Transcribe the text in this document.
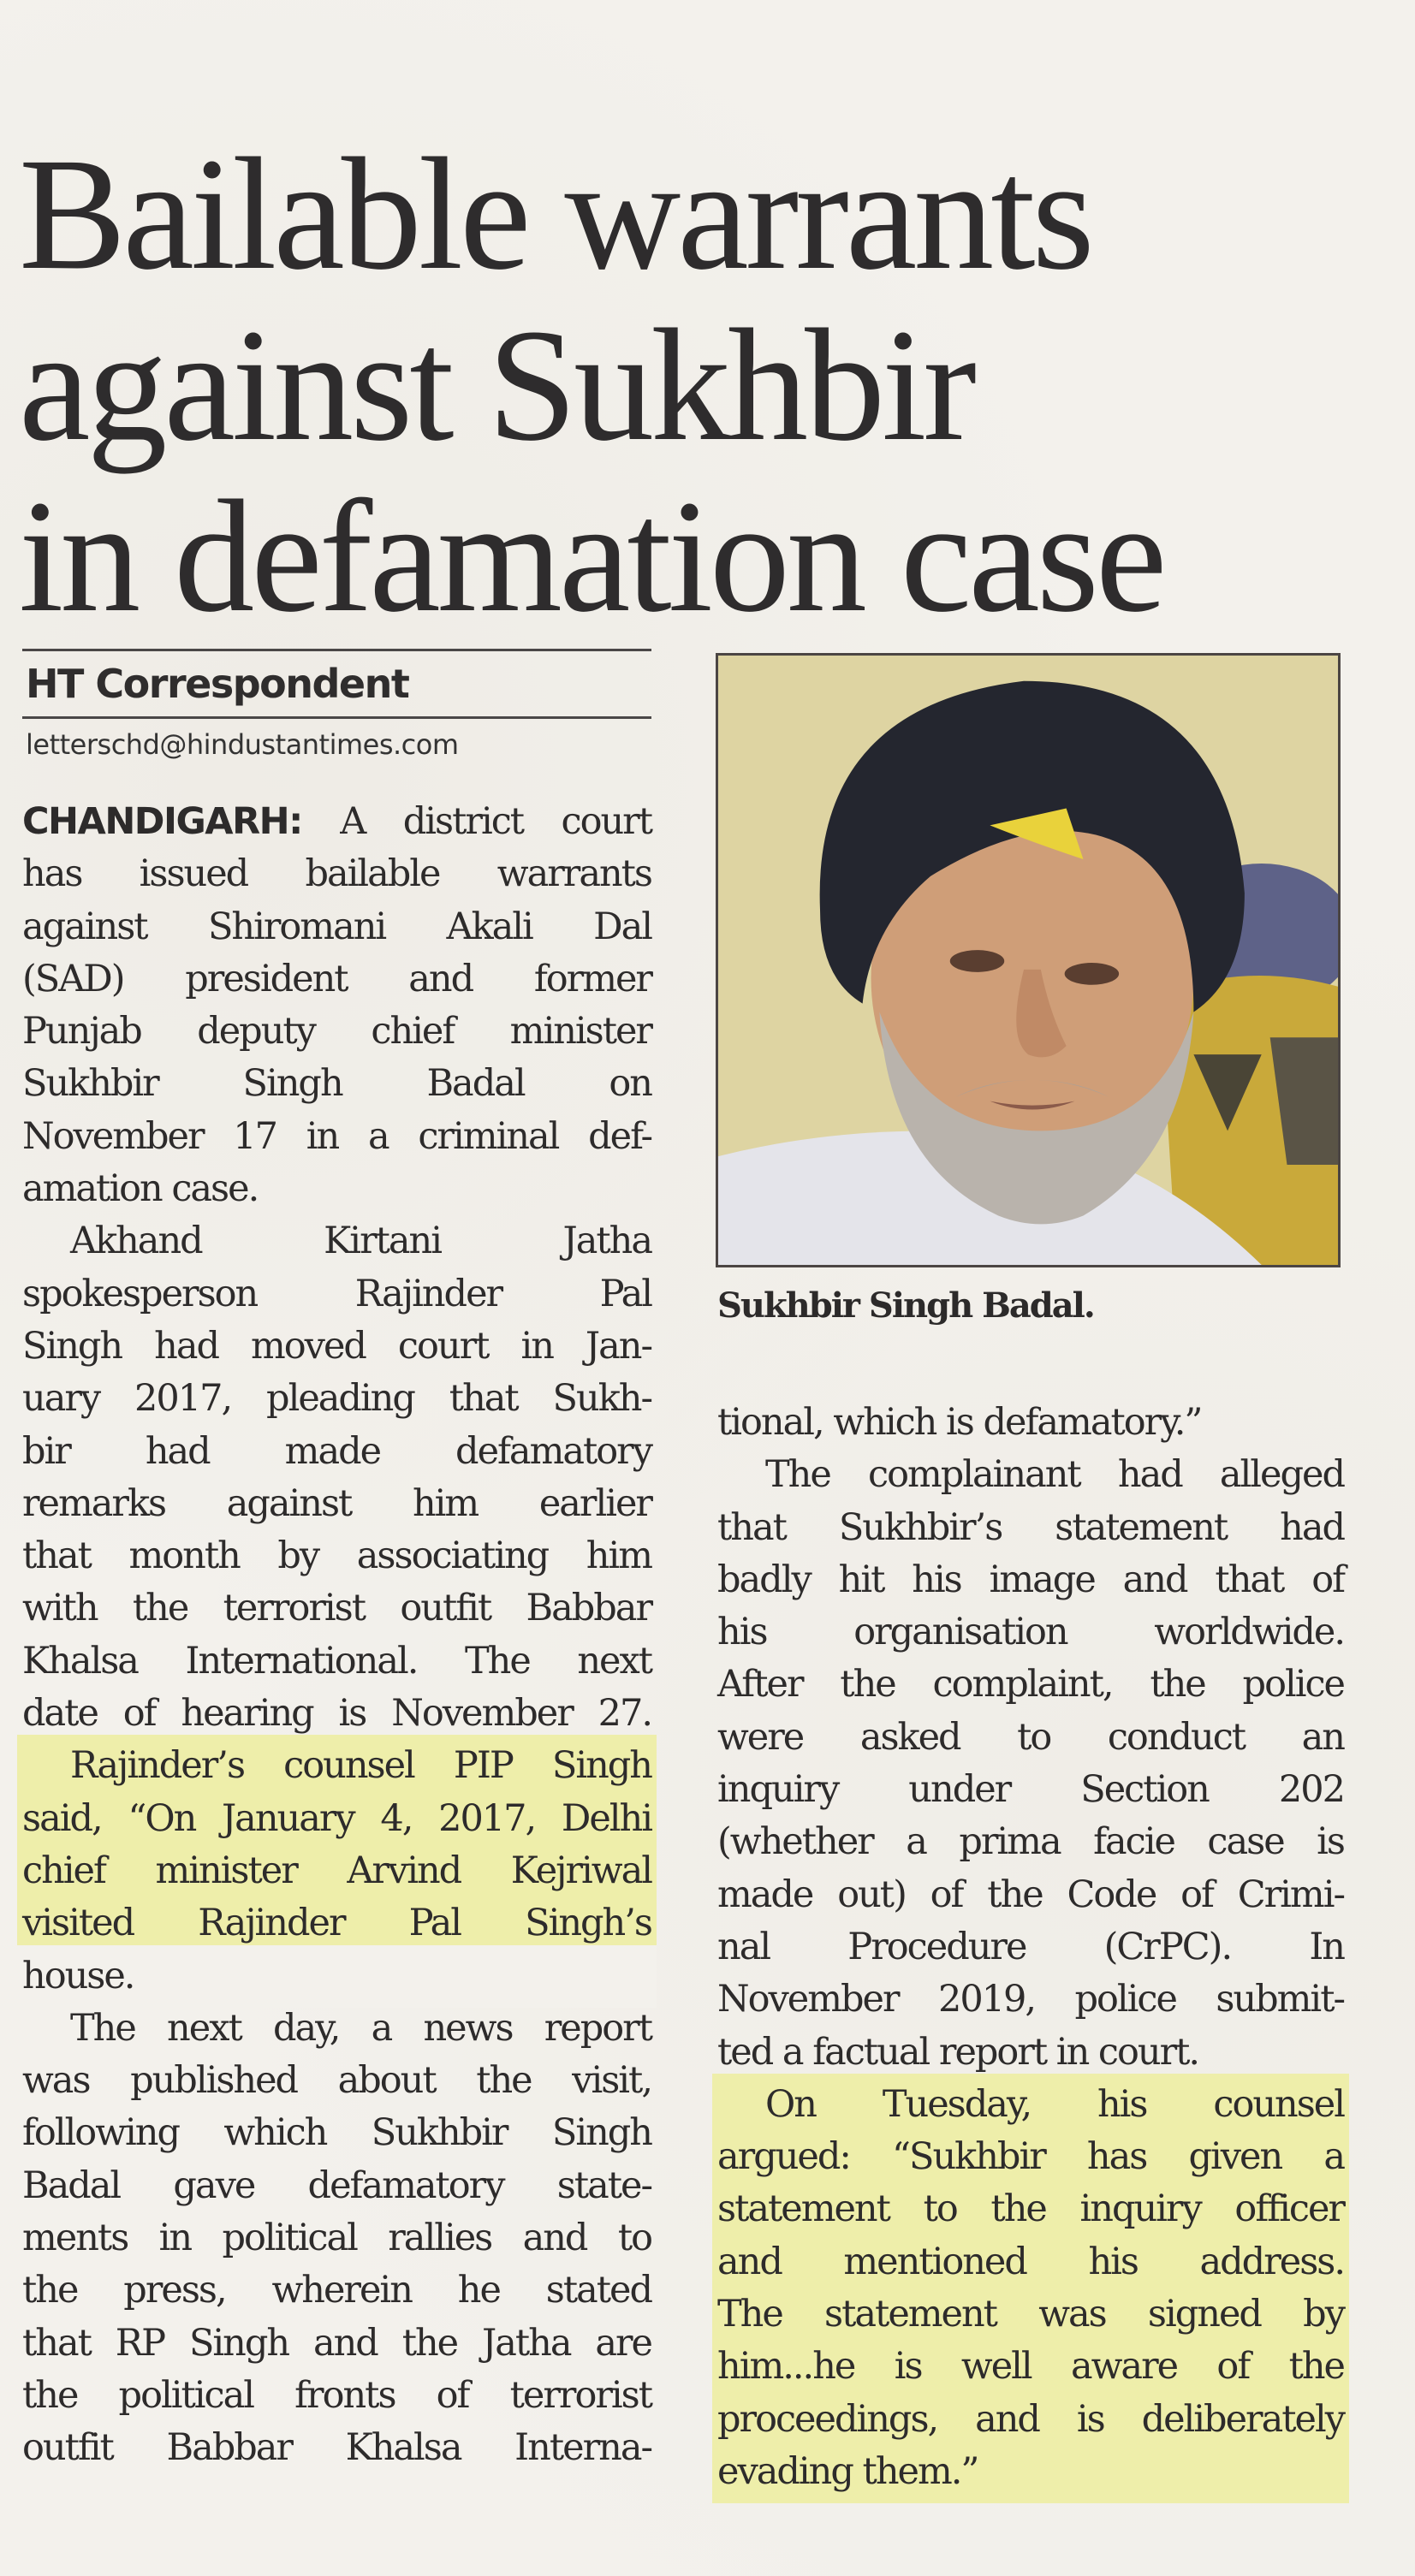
Bailable warrants
against Sukhbir
in defamation case
HT Correspondent
letterschd@hindustantimes.com

CHANDIGARH: A district court
has issued bailable warrants
against Shiromani Akali Dal
(SAD) president and former
Punjab deputy chief minister
Sukhbir Singh Badal on
November 17 in a criminal def-
amation case.

Akhand Kirtani Jatha
spokesperson Rajinder Pal
Singh had moved court in Jan-
uary 2017, pleading that Sukh-
bir had made defamatory
remarks against him earlier
that month by associating him
with the terrorist outfit Babbar
Khalsa International. The next
date of hearing is November 27.

Rajinder’s counsel PIP Singh
said, “On January 4, 2017, Delhi
chief minister Arvind Kejriwal
visited Rajinder Pal Singh’s
house.

The next day, a news report
was published about the visit,
following which Sukhbir Singh
Badal gave defamatory state-
ments in political rallies and to
the press, wherein he stated
that RP Singh and the Jatha are
the political fronts of terrorist
outfit Babbar Khalsa Interna-

Sukhbir Singh Badal.

tional, which is defamatory.”

The complainant had alleged
that Sukhbir’s statement had
badly hit his image and that of
his organisation worldwide.
After the complaint, the police
were asked to conduct an
inquiry under Section 202
(whether a prima facie case is
made out) of the Code of Crimi-
nal Procedure (CrPC). In
November 2019, police submit-
ted a factual report in court.

On Tuesday, his counsel
argued: “Sukhbir has given a
statement to the inquiry officer
and mentioned his address.
The statement was signed by
him...he is well aware of the
proceedings, and is deliberately
evading them.”
